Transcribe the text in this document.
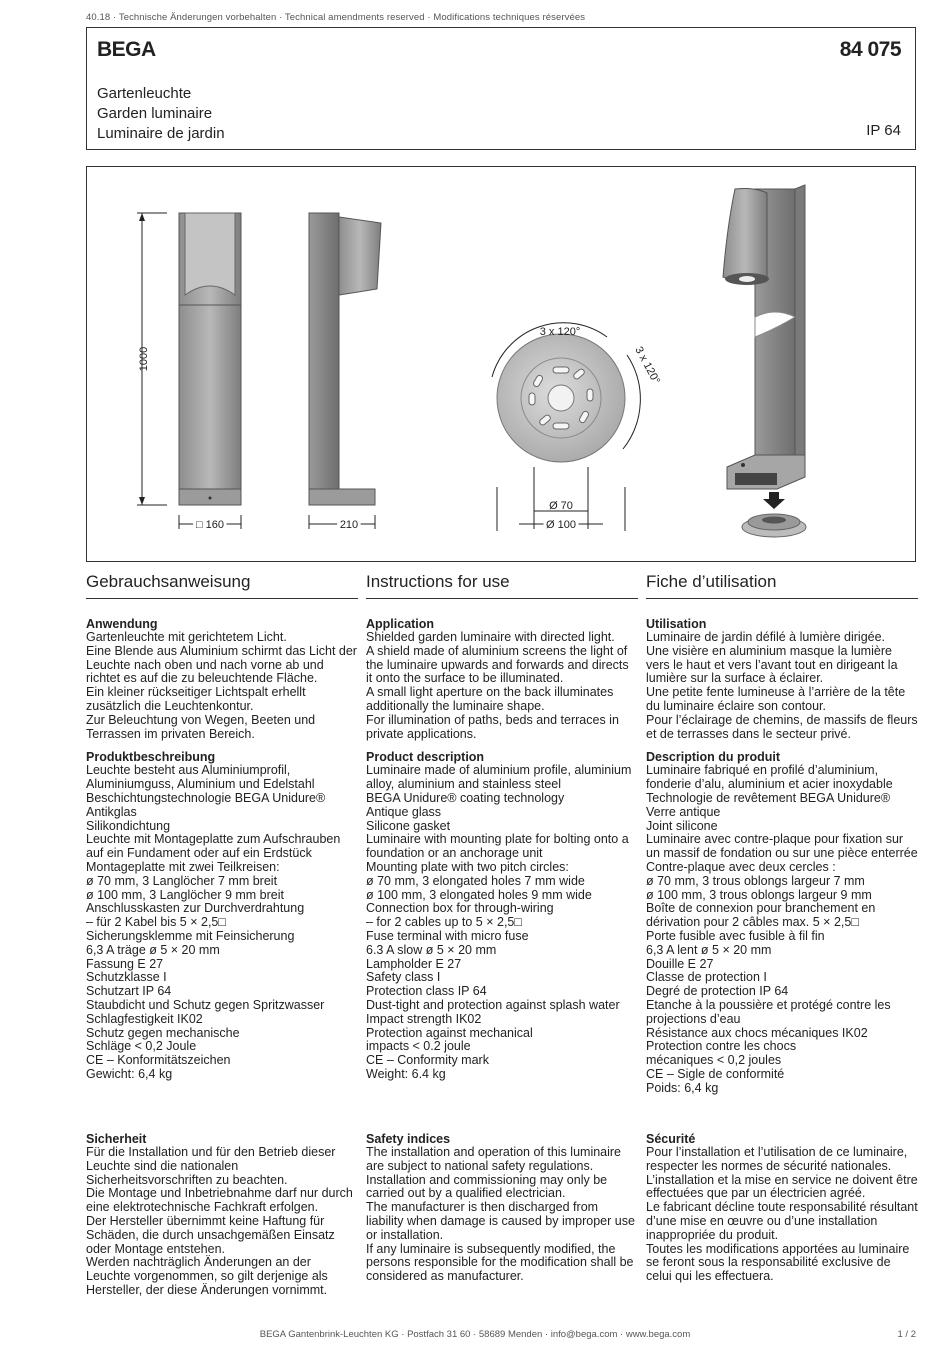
40.18 · Technische Änderungen vorbehalten · Technical amendments reserved · Modifications techniques réservées
BEGA	84 075
Gartenleuchte
Garden luminaire
Luminaire de jardin	IP 64
1000
□ 160	210
3 x 120°
3 x 120°
Ø 70
Ø 100
Gebrauchsanweisung
Anwendung
Gartenleuchte mit gerichtetem Licht.
Eine Blende aus Aluminium schirmt das Licht der Leuchte nach oben und nach vorne ab und richtet es auf die zu beleuchtende Fläche.
Ein kleiner rückseitiger Lichtspalt erhellt zusätzlich die Leuchtenkontur.
Zur Beleuchtung von Wegen, Beeten und Terrassen im privaten Bereich.
Produktbeschreibung
Leuchte besteht aus Aluminiumprofil, Aluminiumguss, Aluminium und Edelstahl
Beschichtungstechnologie BEGA Unidure®
Antikglas
Silikondichtung
Leuchte mit Montageplatte zum Aufschrauben auf ein Fundament oder auf ein Erdstück
Montageplatte mit zwei Teilkreisen:
ø 70 mm, 3 Langlöcher 7 mm breit
ø 100 mm, 3 Langlöcher 9 mm breit
Anschlusskasten zur Durchverdrahtung
– für 2 Kabel bis 5 × 2,5□
Sicherungsklemme mit Feinsicherung
6,3 A träge ø 5 × 20 mm
Fassung E 27
Schutzklasse I
Schutzart IP 64
Staubdicht und Schutz gegen Spritzwasser
Schlagfestigkeit IK02
Schutz gegen mechanische
Schläge < 0,2 Joule
CE – Konformitätszeichen
Gewicht: 6,4 kg
Sicherheit
Für die Installation und für den Betrieb dieser Leuchte sind die nationalen Sicherheitsvorschriften zu beachten.
Die Montage und Inbetriebnahme darf nur durch eine elektrotechnische Fachkraft erfolgen.
Der Hersteller übernimmt keine Haftung für Schäden, die durch unsachgemäßen Einsatz oder Montage entstehen.
Werden nachträglich Änderungen an der Leuchte vorgenommen, so gilt derjenige als Hersteller, der diese Änderungen vornimmt.
Instructions for use
Application
Shielded garden luminaire with directed light.
A shield made of aluminium screens the light of the luminaire upwards and forwards and directs it onto the surface to be illuminated.
A small light aperture on the back illuminates additionally the luminaire shape.
For illumination of paths, beds and terraces in private applications.
Product description
Luminaire made of aluminium profile, aluminium alloy, aluminium and stainless steel
BEGA Unidure® coating technology
Antique glass
Silicone gasket
Luminaire with mounting plate for bolting onto a foundation or an anchorage unit
Mounting plate with two pitch circles:
ø 70 mm, 3 elongated holes 7 mm wide
ø 100 mm, 3 elongated holes 9 mm wide
Connection box for through-wiring
– for 2 cables up to 5 × 2,5□
Fuse terminal with micro fuse
6.3 A slow ø 5 × 20 mm
Lampholder E 27
Safety class I
Protection class IP 64
Dust-tight and protection against splash water
Impact strength IK02
Protection against mechanical
impacts < 0.2 joule
CE – Conformity mark
Weight: 6.4 kg
Safety indices
The installation and operation of this luminaire are subject to national safety regulations.
Installation and commissioning may only be carried out by a qualified electrician.
The manufacturer is then discharged from liability when damage is caused by improper use or installation.
If any luminaire is subsequently modified, the persons responsible for the modification shall be considered as manufacturer.
Fiche d’utilisation
Utilisation
Luminaire de jardin défilé à lumière dirigée.
Une visière en aluminium masque la lumière vers le haut et vers l’avant tout en dirigeant la lumière sur la surface à éclairer.
Une petite fente lumineuse à l’arrière de la tête du luminaire éclaire son contour.
Pour l’éclairage de chemins, de massifs de fleurs et de terrasses dans le secteur privé.
Description du produit
Luminaire fabriqué en profilé d’aluminium, fonderie d’alu, aluminium et acier inoxydable
Technologie de revêtement BEGA Unidure®
Verre antique
Joint silicone
Luminaire avec contre-plaque pour fixation sur un massif de fondation ou sur une pièce enterrée
Contre-plaque avec deux cercles :
ø 70 mm, 3 trous oblongs largeur 7 mm
ø 100 mm, 3 trous oblongs largeur 9 mm
Boîte de connexion pour branchement en dérivation pour 2 câbles max. 5 × 2,5□
Porte fusible avec fusible à fil fin
6,3 A lent ø 5 × 20 mm
Douille E 27
Classe de protection I
Degré de protection IP 64
Etanche à la poussière et protégé contre les projections d’eau
Résistance aux chocs mécaniques IK02
Protection contre les chocs
mécaniques < 0,2 joules
CE – Sigle de conformité
Poids: 6,4 kg
Sécurité
Pour l’installation et l’utilisation de ce luminaire, respecter les normes de sécurité nationales.
L’installation et la mise en service ne doivent être effectuées que par un électricien agréé.
Le fabricant décline toute responsabilité résultant d’une mise en œuvre ou d’une installation inappropriée du produit.
Toutes les modifications apportées au luminaire se feront sous la responsabilité exclusive de celui qui les effectuera.
BEGA Gantenbrink-Leuchten KG · Postfach 31 60 · 58689 Menden · info@bega.com · www.bega.com	1 / 2
